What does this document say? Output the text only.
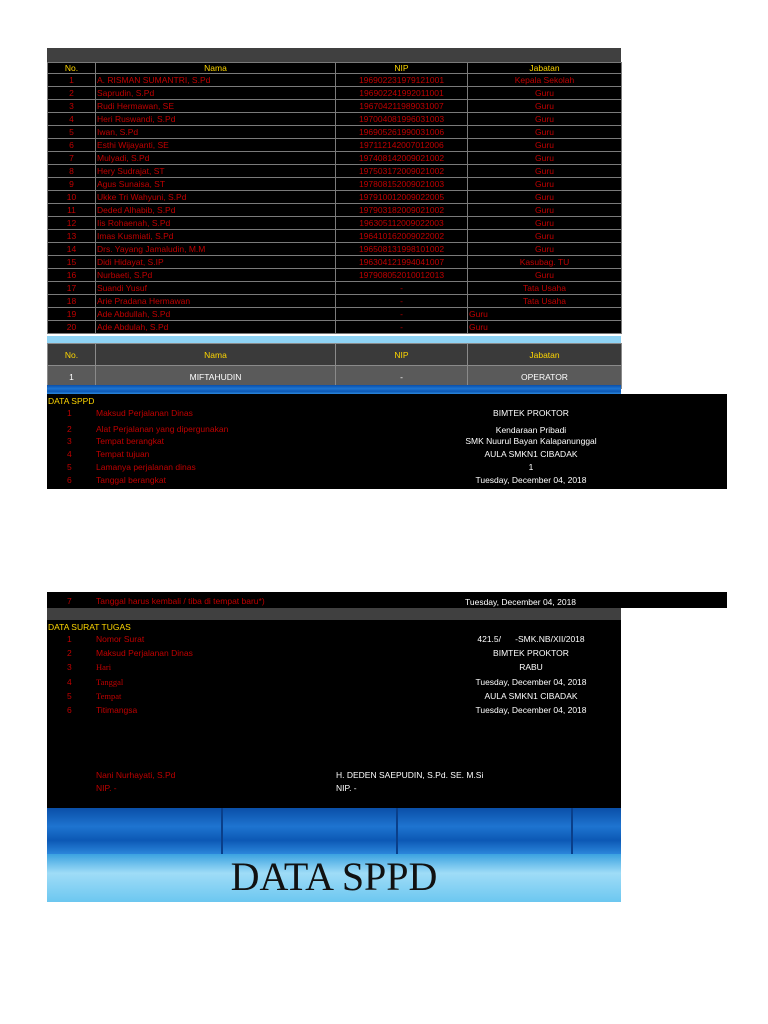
No.	Nama	NIP	Jabatan
1	A. RISMAN SUMANTRI, S.Pd	196902231979121001	Kepala Sekolah
2	Saprudin, S.Pd	196902241992011001	Guru
3	Rudi Hermawan, SE	196704211989031007	Guru
4	Heri Ruswandi, S.Pd	197004081996031003	Guru
5	Iwan, S.Pd	196905261990031006	Guru
6	Esthi Wijayanti, SE	197112142007012006	Guru
7	Mulyadi, S.Pd	197408142009021002	Guru
8	Hery Sudrajat, ST	197503172009021002	Guru
9	Agus Sunaisa, ST	197808152009021003	Guru
10	Ukke Tri Wahyuni, S.Pd	197910012009022005	Guru
11	Deded Alhabib, S.Pd	197903182009021002	Guru
12	Iis Rohaenah, S.Pd	196305112009022003	Guru
13	Imas Kusmiati, S.Pd	196410162009022002	Guru
14	Drs. Yayang Jamaludin, M.M	196508131998101002	Guru
15	Didi Hidayat, S.IP	196304121994041007	Kasubag. TU
16	Nurbaeti, S.Pd	197908052010012013	Guru
17	Suandi Yusuf	-	Tata Usaha
18	Arie Pradana Hermawan	-	Tata Usaha
19	Ade Abdullah, S.Pd	-	Guru
20	Ade Abdulah, S.Pd	-	Guru
No.	Nama	NIP	Jabatan
1	MIFTAHUDIN	-	OPERATOR
DATA SPPD
1	Maksud Perjalanan Dinas	BIMTEK PROKTOR
2	Alat Perjalanan yang dipergunakan	Kendaraan Pribadi
3	Tempat berangkat	SMK Nuurul Bayan Kalapanunggal
4	Tempat tujuan	AULA SMKN1 CIBADAK
5	Lamanya perjalanan dinas	1
6	Tanggal berangkat	Tuesday, December 04, 2018
7	Tanggal harus kembali / tiba di tempat baru*)	Tuesday, December 04, 2018
DATA SURAT TUGAS
1	Nomor Surat	421.5/      -SMK.NB/XII/2018
2	Maksud Perjalanan Dinas	BIMTEK PROKTOR
3	Hari	RABU
4	Tanggal	Tuesday, December 04, 2018
5	Tempat	AULA SMKN1 CIBADAK
6	Titimangsa	Tuesday, December 04, 2018
Nani Nurhayati, S.Pd
NIP. -
H. DEDEN SAEPUDIN, S.Pd. SE. M.Si
NIP. -
DATA SPPD
